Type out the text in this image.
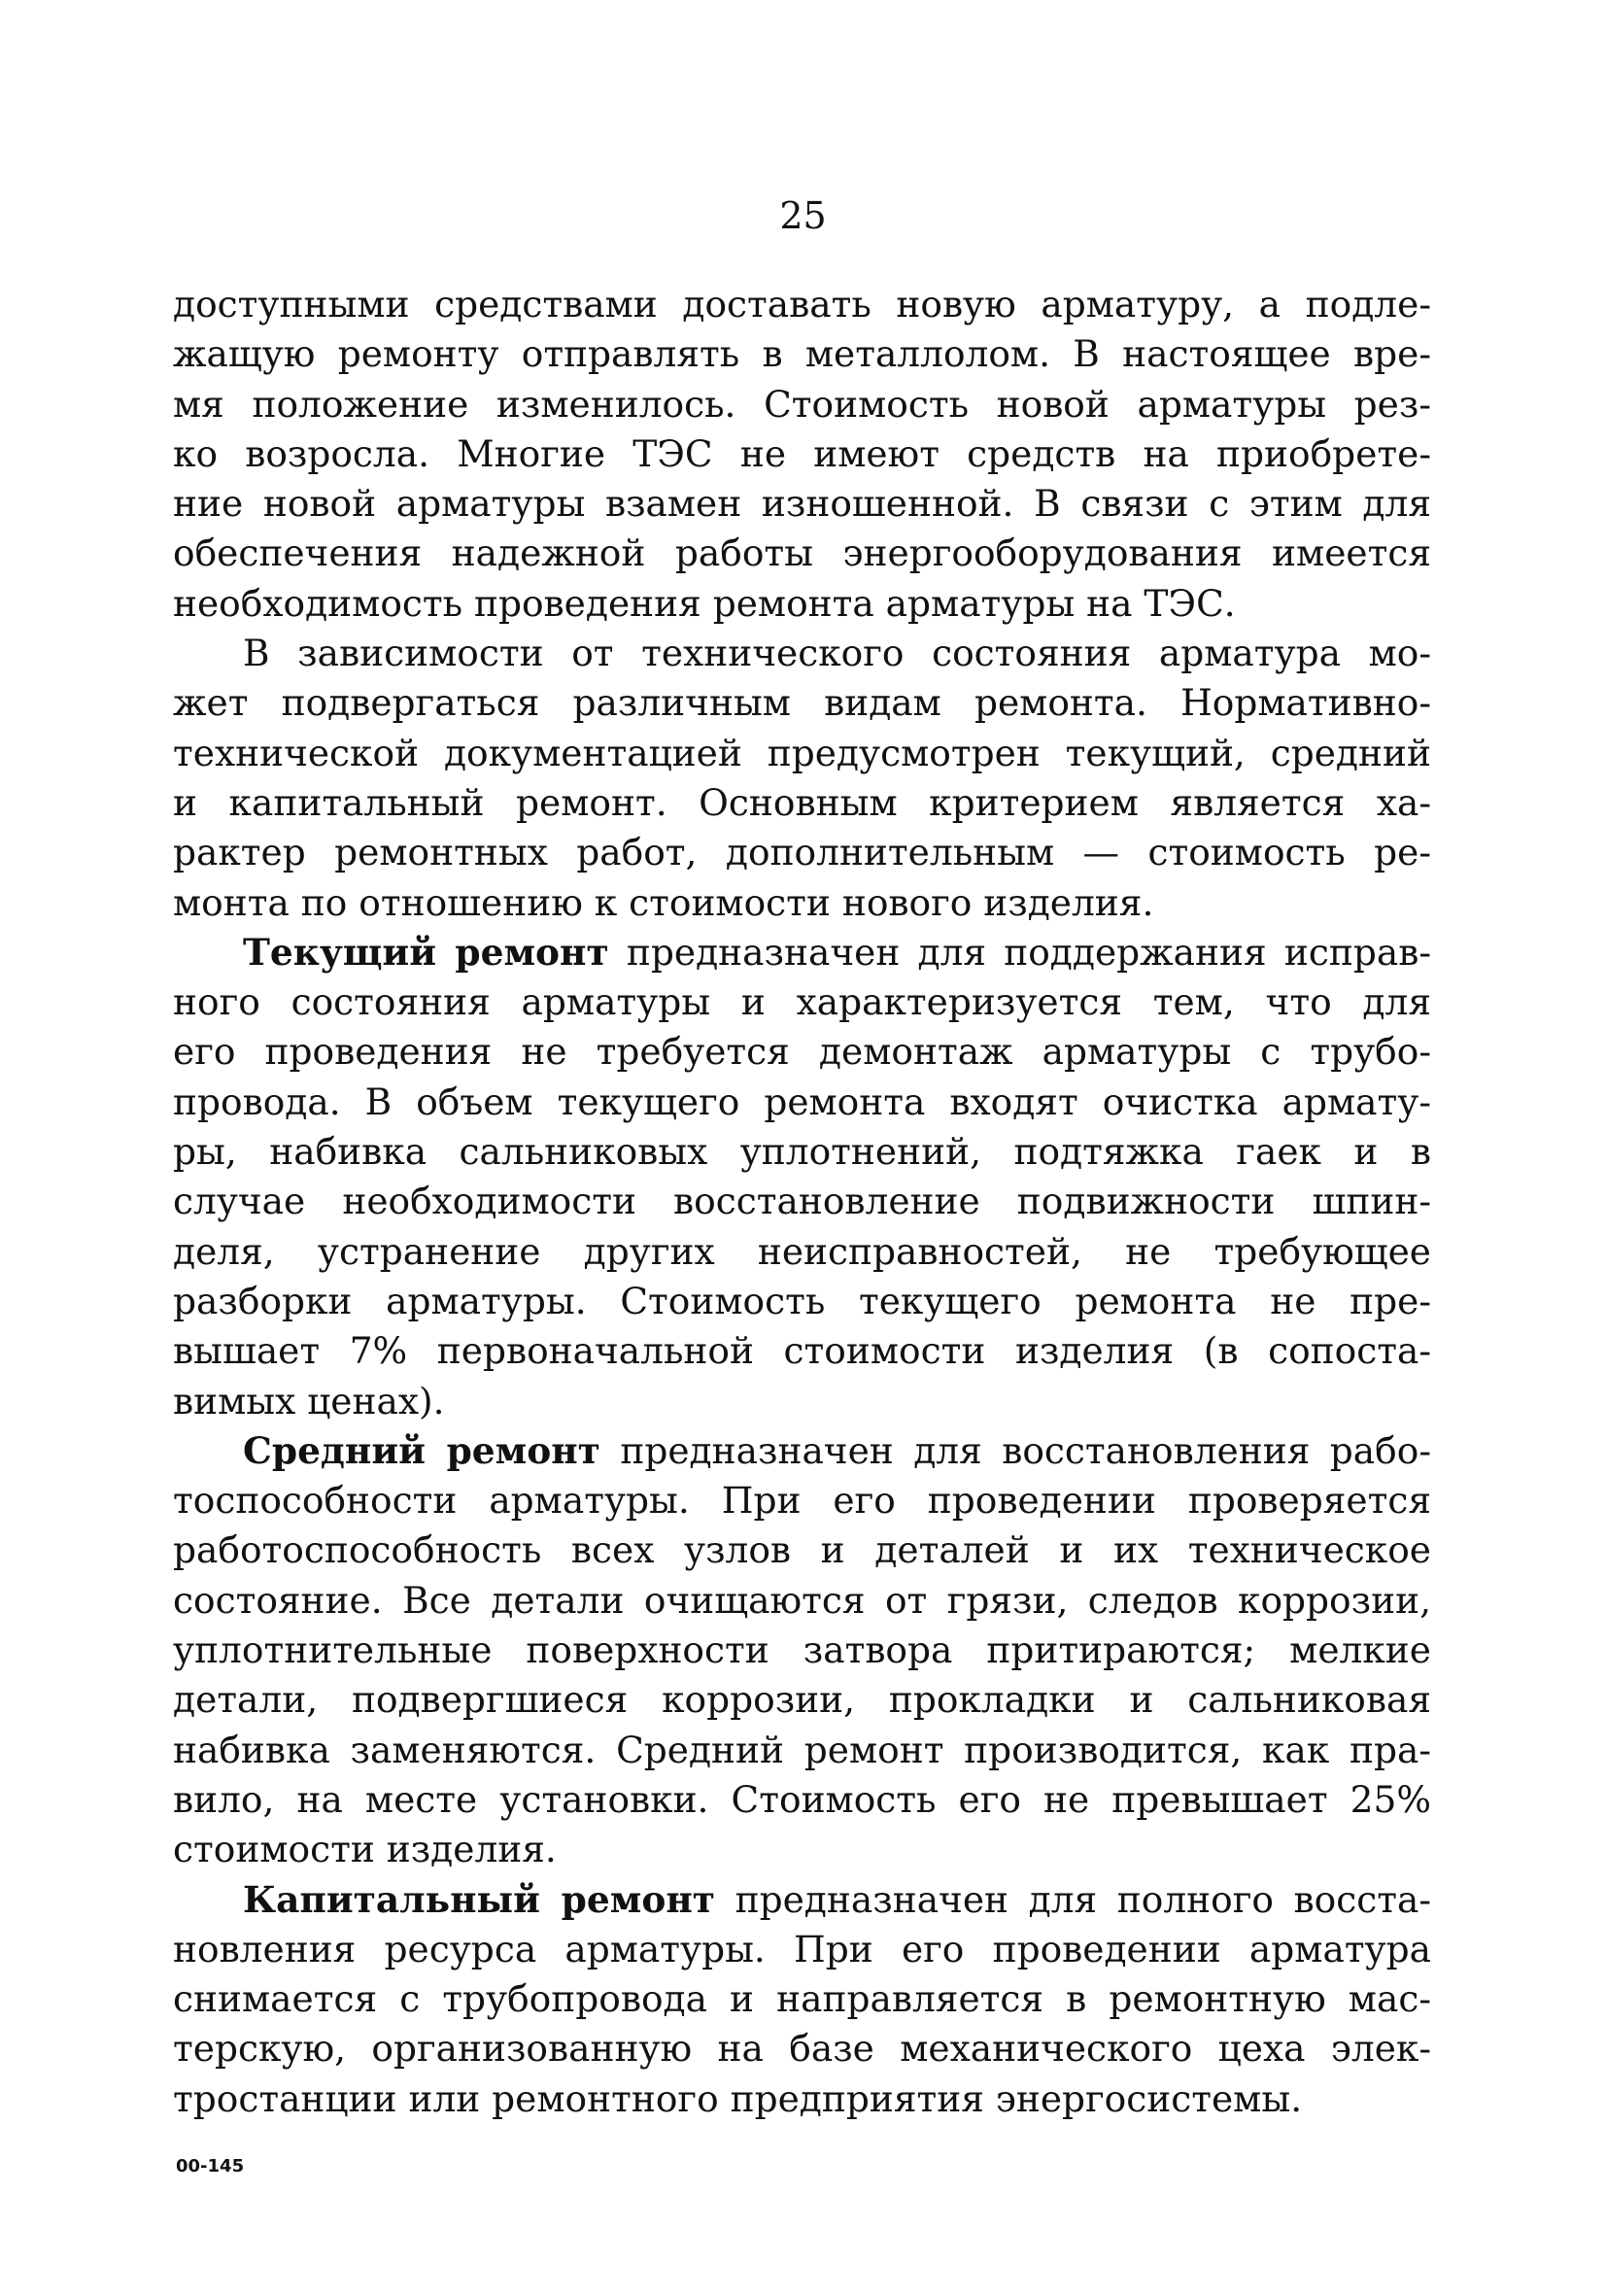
25
доступными средствами доставать новую арматуру, а подле-
жащую ремонту отправлять в металлолом. В настоящее вре-
мя положение изменилось. Стоимость новой арматуры рез-
ко возросла. Многие ТЭС не имеют средств на приобрете-
ние новой арматуры взамен изношенной. В связи с этим для
обеспечения надежной работы энергооборудования имеется
необходимость проведения ремонта арматуры на ТЭС.
В зависимости от технического состояния арматура мо-
жет подвергаться различным видам ремонта. Нормативно-
технической документацией предусмотрен текущий, средний
и капитальный ремонт. Основным критерием является ха-
рактер ремонтных работ, дополнительным — стоимость ре-
монта по отношению к стоимости нового изделия.
Текущий ремонт предназначен для поддержания исправ-
ного состояния арматуры и характеризуется тем, что для
его проведения не требуется демонтаж арматуры с трубо-
провода. В объем текущего ремонта входят очистка армату-
ры, набивка сальниковых уплотнений, подтяжка гаек и в
случае необходимости восстановление подвижности шпин-
деля, устранение других неисправностей, не требующее
разборки арматуры. Стоимость текущего ремонта не пре-
вышает 7% первоначальной стоимости изделия (в сопоста-
вимых ценах).
Средний ремонт предназначен для восстановления рабо-
тоспособности арматуры. При его проведении проверяется
работоспособность всех узлов и деталей и их техническое
состояние. Все детали очищаются от грязи, следов коррозии,
уплотнительные поверхности затвора притираются; мелкие
детали, подвергшиеся коррозии, прокладки и сальниковая
набивка заменяются. Средний ремонт производится, как пра-
вило, на месте установки. Стоимость его не превышает 25%
стоимости изделия.
Капитальный ремонт предназначен для полного восста-
новления ресурса арматуры. При его проведении арматура
снимается с трубопровода и направляется в ремонтную мас-
терскую, организованную на базе механического цеха элек-
тростанции или ремонтного предприятия энергосистемы.
00-145
